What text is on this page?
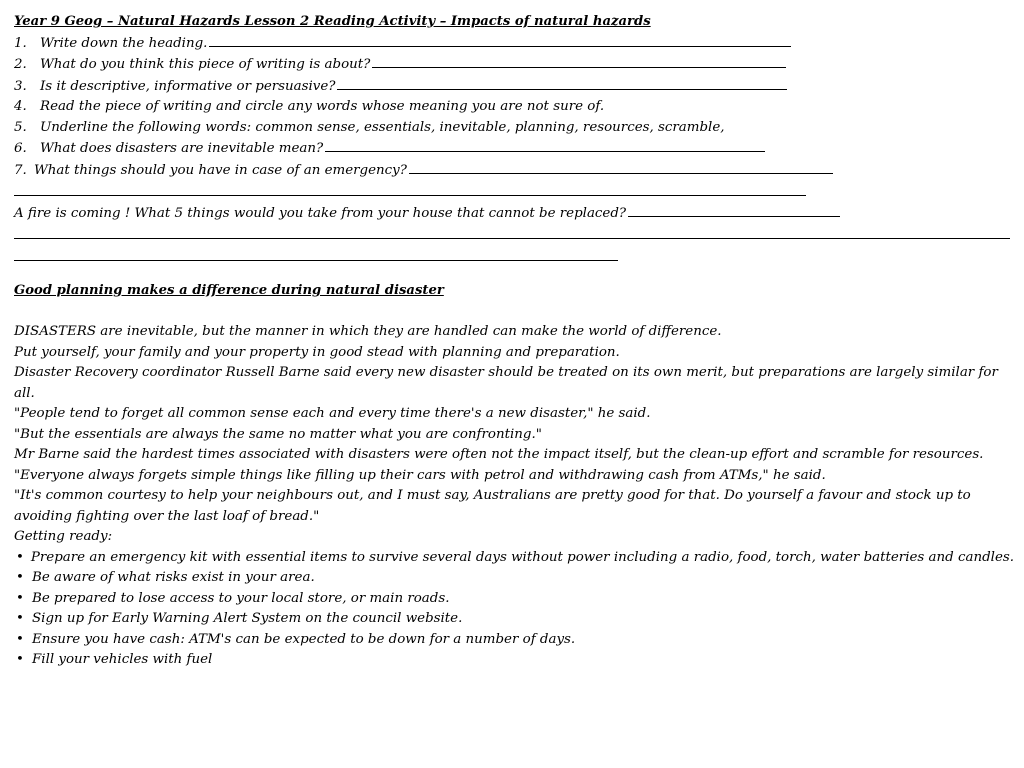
Year 9 Geog – Natural Hazards Lesson 2 Reading Activity – Impacts of natural hazards
1. Write down the heading.
2. What do you think this piece of writing is about?
3. Is it descriptive, informative or persuasive?
4. Read the piece of writing and circle any words whose meaning you are not sure of.
5. Underline the following words: common sense, essentials, inevitable, planning, resources, scramble,
6. What does disasters are inevitable mean?
7. What things should you have in case of an emergency?
A fire is coming ! What 5 things would you take from your house that cannot be replaced?
Good planning makes a difference during natural disaster
DISASTERS are inevitable, but the manner in which they are handled can make the world of difference.
Put yourself, your family and your property in good stead with planning and preparation.
Disaster Recovery coordinator Russell Barne said every new disaster should be treated on its own merit, but preparations are largely similar for all.
"People tend to forget all common sense each and every time there's a new disaster," he said.
"But the essentials are always the same no matter what you are confronting."
Mr Barne said the hardest times associated with disasters were often not the impact itself, but the clean-up effort and scramble for resources.
"Everyone always forgets simple things like filling up their cars with petrol and withdrawing cash from ATMs," he said.
"It's common courtesy to help your neighbours out, and I must say, Australians are pretty good for that. Do yourself a favour and stock up to avoiding fighting over the last loaf of bread."
Getting ready:
• Prepare an emergency kit with essential items to survive several days without power including a radio, food, torch, water batteries and candles.
• Be aware of what risks exist in your area.
• Be prepared to lose access to your local store, or main roads.
• Sign up for Early Warning Alert System on the council website.
• Ensure you have cash: ATM's can be expected to be down for a number of days.
• Fill your vehicles with fuel
